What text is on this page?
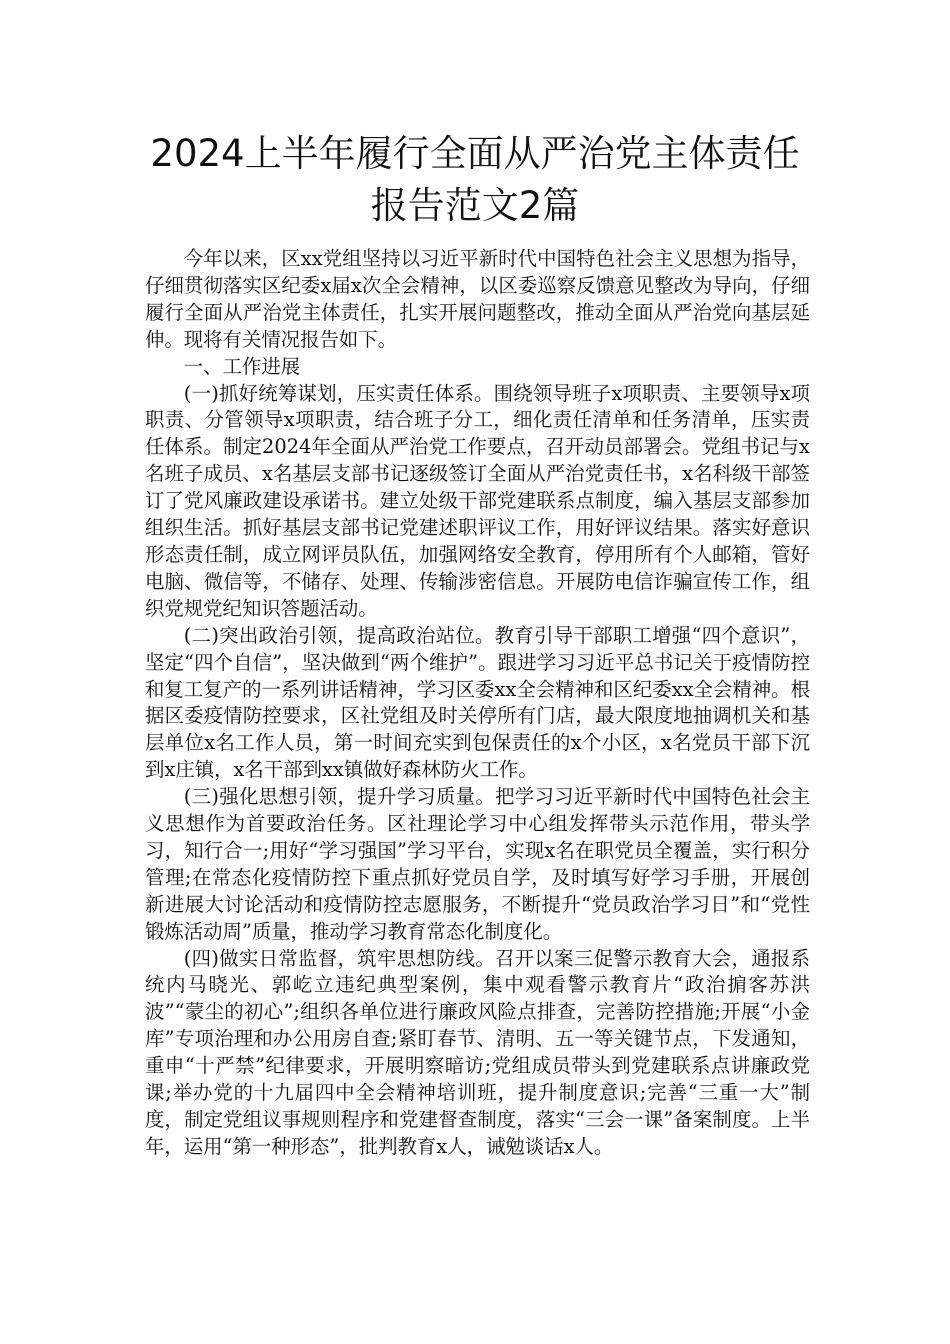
2024上半年履行全面从严治党主体责任
报告范文2篇

今年以来，区xx党组坚持以习近平新时代中国特色社会主义思想为指导，仔细贯彻落实区纪委x届x次全会精神，以区委巡察反馈意见整改为导向，仔细履行全面从严治党主体责任，扎实开展问题整改，推动全面从严治党向基层延伸。现将有关情况报告如下。

一、工作进展

(一)抓好统筹谋划，压实责任体系。围绕领导班子x项职责、主要领导x项职责、分管领导x项职责，结合班子分工，细化责任清单和任务清单，压实责任体系。制定2024年全面从严治党工作要点，召开动员部署会。党组书记与x名班子成员、x名基层支部书记逐级签订全面从严治党责任书，x名科级干部签订了党风廉政建设承诺书。建立处级干部党建联系点制度，编入基层支部参加组织生活。抓好基层支部书记党建述职评议工作，用好评议结果。落实好意识形态责任制，成立网评员队伍，加强网络安全教育，停用所有个人邮箱，管好电脑、微信等，不储存、处理、传输涉密信息。开展防电信诈骗宣传工作，组织党规党纪知识答题活动。

(二)突出政治引领，提高政治站位。教育引导干部职工增强“四个意识”，坚定“四个自信”，坚决做到“两个维护”。跟进学习习近平总书记关于疫情防控和复工复产的一系列讲话精神，学习区委xx全会精神和区纪委xx全会精神。根据区委疫情防控要求，区社党组及时关停所有门店，最大限度地抽调机关和基层单位x名工作人员，第一时间充实到包保责任的x个小区，x名党员干部下沉到x庄镇，x名干部到xx镇做好森林防火工作。

(三)强化思想引领，提升学习质量。把学习习近平新时代中国特色社会主义思想作为首要政治任务。区社理论学习中心组发挥带头示范作用，带头学习，知行合一;用好“学习强国”学习平台，实现x名在职党员全覆盖，实行积分管理;在常态化疫情防控下重点抓好党员自学，及时填写好学习手册，开展创新进展大讨论活动和疫情防控志愿服务，不断提升“党员政治学习日”和“党性锻炼活动周”质量，推动学习教育常态化制度化。

(四)做实日常监督，筑牢思想防线。召开以案三促警示教育大会，通报系统内马晓光、郭屹立违纪典型案例，集中观看警示教育片“政治掮客苏洪波”“蒙尘的初心”;组织各单位进行廉政风险点排查，完善防控措施;开展“小金库”专项治理和办公用房自查;紧盯春节、清明、五一等关键节点，下发通知，重申“十严禁”纪律要求，开展明察暗访;党组成员带头到党建联系点讲廉政党课;举办党的十九届四中全会精神培训班，提升制度意识;完善“三重一大”制度，制定党组议事规则程序和党建督查制度，落实“三会一课”备案制度。上半年，运用“第一种形态”，批判教育x人，诫勉谈话x人。
